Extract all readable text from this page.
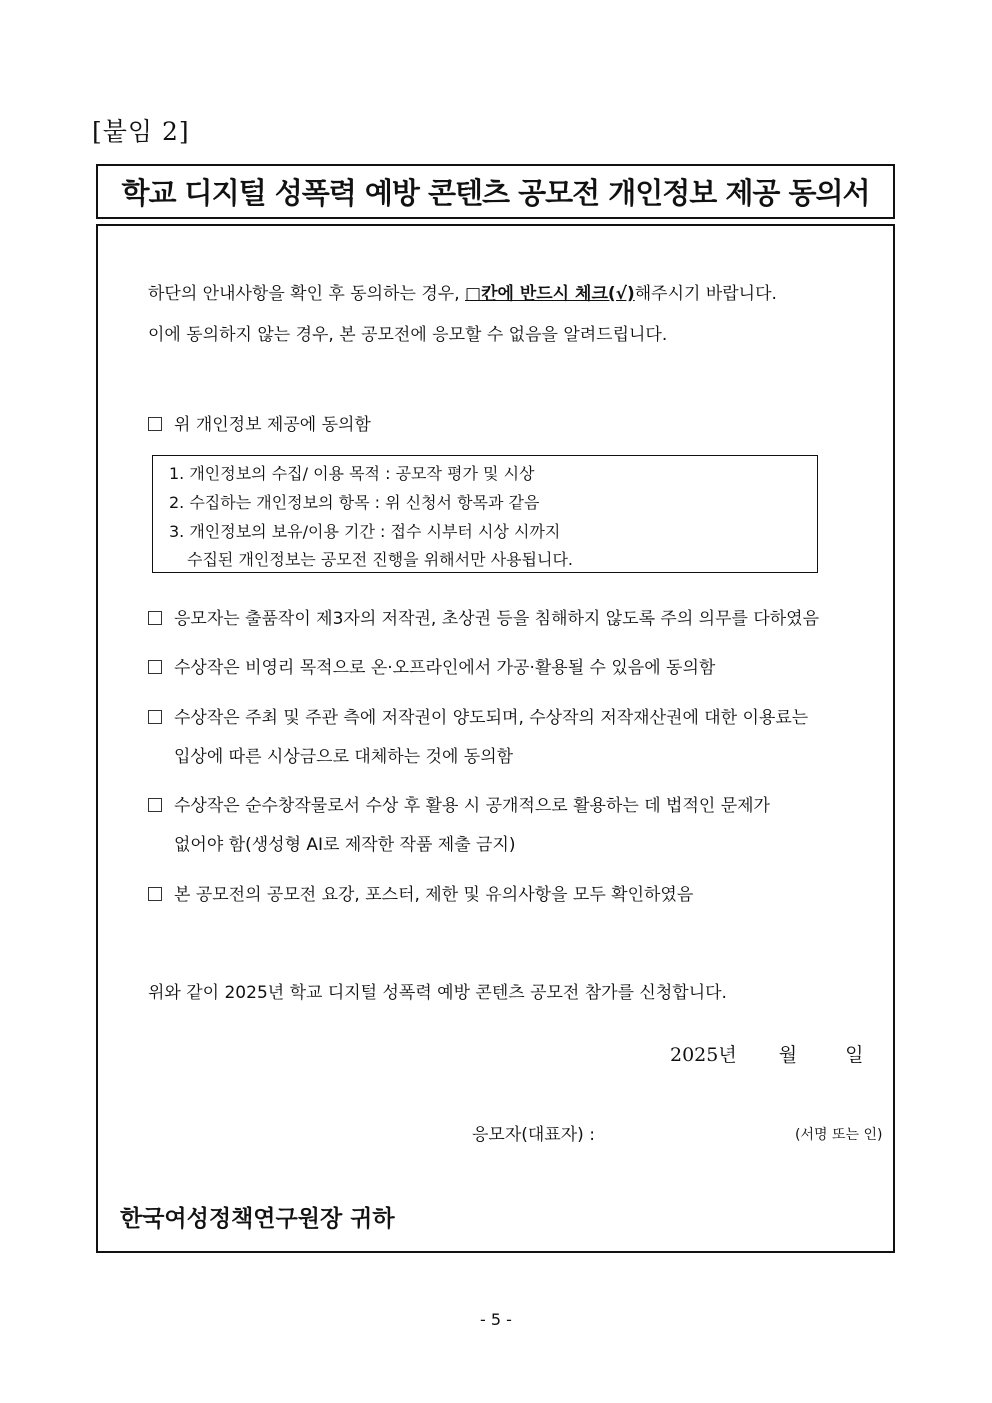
[붙임 2]
학교 디지털 성폭력 예방 콘텐츠 공모전 개인정보 제공 동의서
하단의 안내사항을 확인 후 동의하는 경우, □칸에 반드시 체크(√)해주시기 바랍니다.
이에 동의하지 않는 경우, 본 공모전에 응모할 수 없음을 알려드립니다.
위 개인정보 제공에 동의함
1. 개인정보의 수집/ 이용 목적 : 공모작 평가 및 시상
2. 수집하는 개인정보의 항목 : 위 신청서 항목과 같음
3. 개인정보의 보유/이용 기간 : 접수 시부터 시상 시까지
수집된 개인정보는 공모전 진행을 위해서만 사용됩니다.
응모자는 출품작이 제3자의 저작권, 초상권 등을 침해하지 않도록 주의 의무를 다하였음
수상작은 비영리 목적으로 온·오프라인에서 가공·활용될 수 있음에 동의함
수상작은 주최 및 주관 측에 저작권이 양도되며, 수상작의 저작재산권에 대한 이용료는
입상에 따른 시상금으로 대체하는 것에 동의함
수상작은 순수창작물로서 수상 후 활용 시 공개적으로 활용하는 데 법적인 문제가
없어야 함(생성형 AI로 제작한 작품 제출 금지)
본 공모전의 공모전 요강, 포스터, 제한 및 유의사항을 모두 확인하였음
위와 같이 2025년 학교 디지털 성폭력 예방 콘텐츠 공모전 참가를 신청합니다.
2025년 월	일
응모자(대표자) :	(서명 또는 인)
한국여성정책연구원장 귀하
- 5 -
